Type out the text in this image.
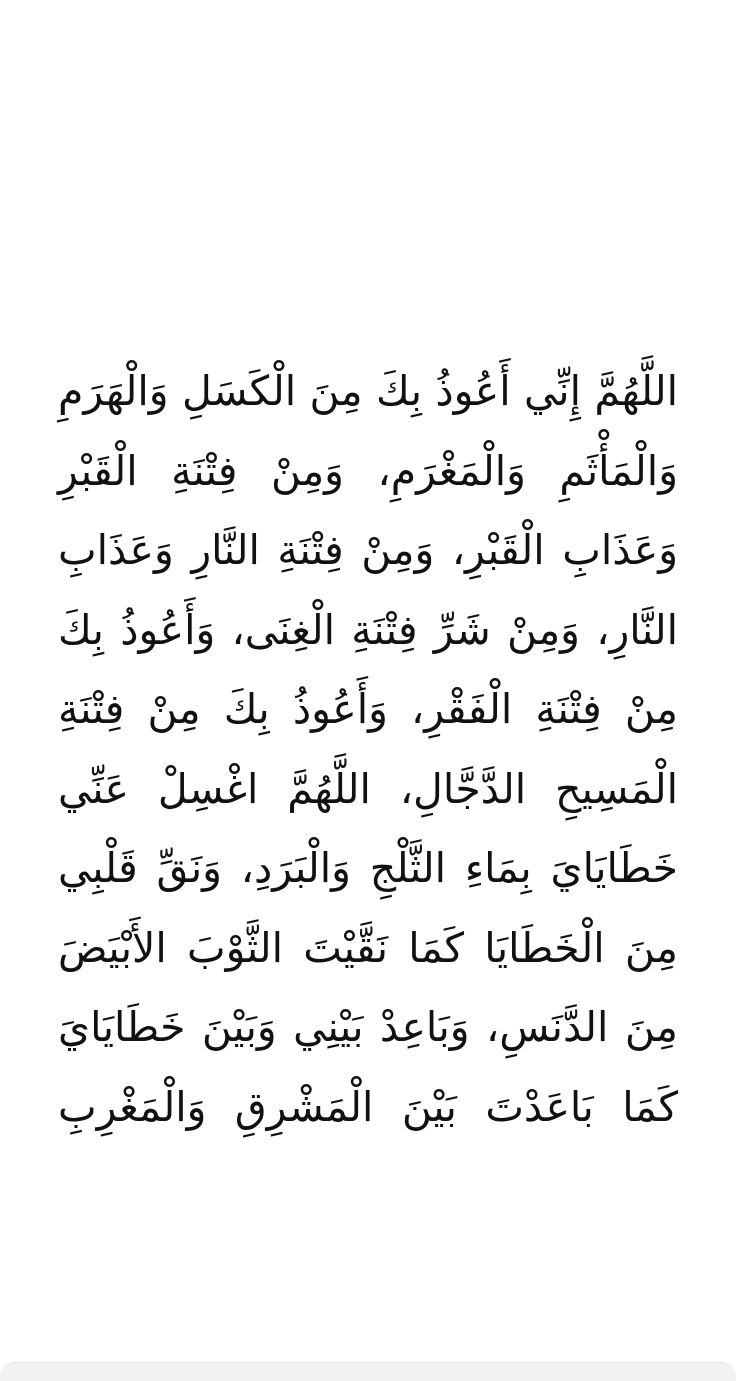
اللَّهُمَّ إِنِّي أَعُوذُ بِكَ مِنَ الْكَسَلِ وَالْهَرَمِ
وَالْمَأْثَمِ وَالْمَغْرَمِ، وَمِنْ فِتْنَةِ الْقَبْرِ
وَعَذَابِ الْقَبْرِ، وَمِنْ فِتْنَةِ النَّارِ وَعَذَابِ
النَّارِ، وَمِنْ شَرِّ فِتْنَةِ الْغِنَى، وَأَعُوذُ بِكَ
مِنْ فِتْنَةِ الْفَقْرِ، وَأَعُوذُ بِكَ مِنْ فِتْنَةِ
الْمَسِيحِ الدَّجَّالِ، اللَّهُمَّ اغْسِلْ عَنِّي
خَطَايَايَ بِمَاءِ الثَّلْجِ وَالْبَرَدِ، وَنَقِّ قَلْبِي
مِنَ الْخَطَايَا كَمَا نَقَّيْتَ الثَّوْبَ الأَبْيَضَ
مِنَ الدَّنَسِ، وَبَاعِدْ بَيْنِي وَبَيْنَ خَطَايَايَ
كَمَا بَاعَدْتَ بَيْنَ الْمَشْرِقِ وَالْمَغْرِبِ
